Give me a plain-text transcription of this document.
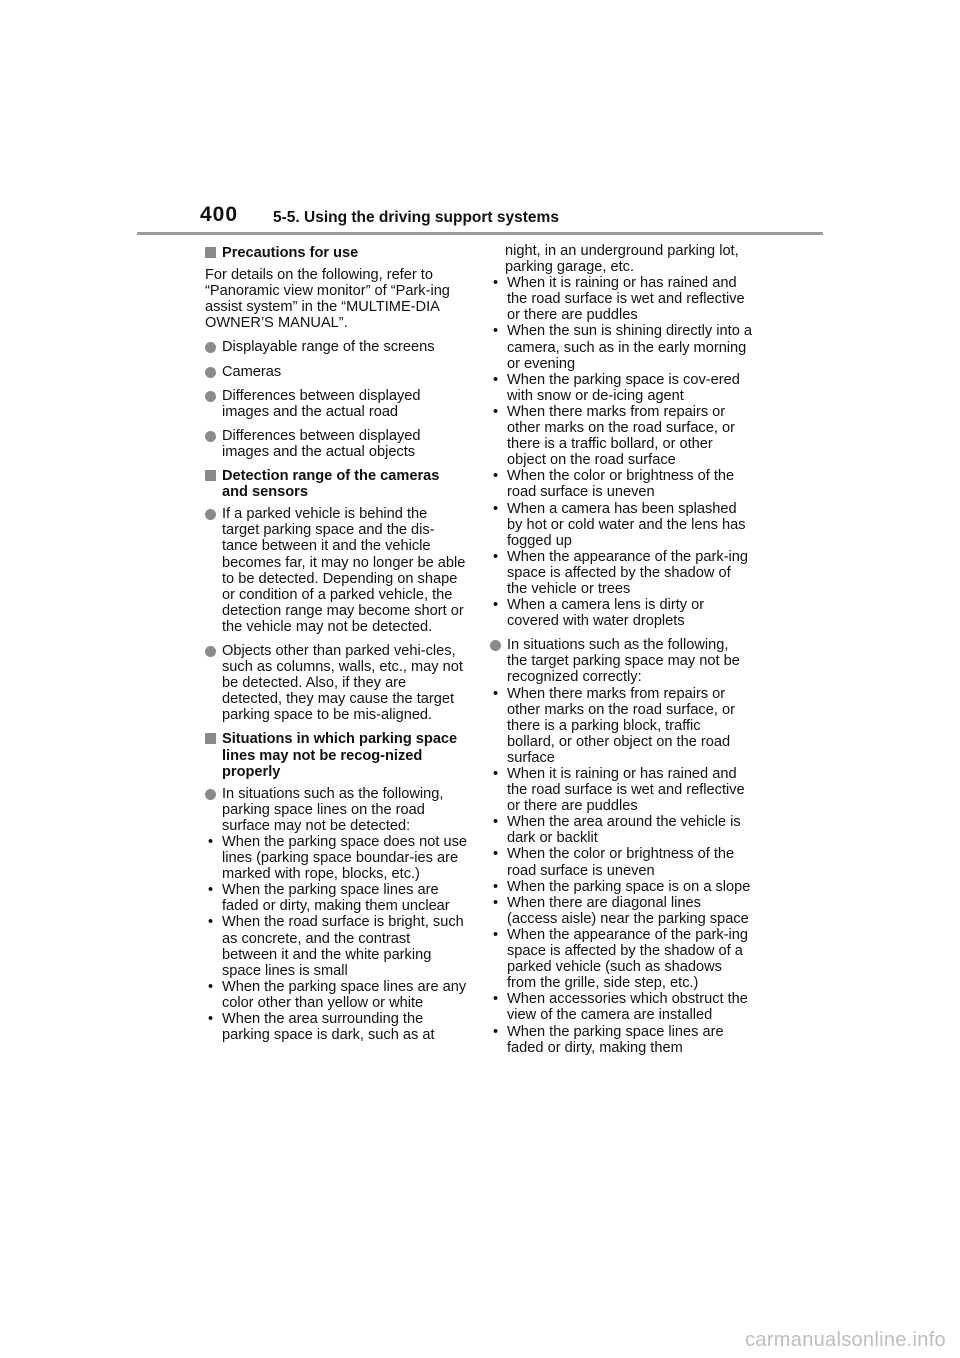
400 5-5. Using the driving support systems
Precautions for use

For details on the following, refer to “Panoramic view monitor” of “Park-ing assist system” in the “MULTIME-DIA OWNER’S MANUAL”.

Displayable range of the screens
Cameras
Differences between displayed images and the actual road
Differences between displayed images and the actual objects
Detection range of the cameras and sensors
If a parked vehicle is behind the target parking space and the dis-tance between it and the vehicle becomes far, it may no longer be able to be detected. Depending on shape or condition of a parked vehicle, the detection range may become short or the vehicle may not be detected.
Objects other than parked vehi-cles, such as columns, walls, etc., may not be detected. Also, if they are detected, they may cause the target parking space to be mis-aligned.
Situations in which parking space lines may not be recog-nized properly
In situations such as the following, parking space lines on the road surface may not be detected:
• When the parking space does not use lines (parking space boundar-ies are marked with rope, blocks, etc.)
• When the parking space lines are faded or dirty, making them unclear
• When the road surface is bright, such as concrete, and the contrast between it and the white parking space lines is small
• When the parking space lines are any color other than yellow or white
• When the area surrounding the parking space is dark, such as at

night, in an underground parking lot, parking garage, etc.

• When it is raining or has rained and the road surface is wet and reflective or there are puddles
• When the sun is shining directly into a camera, such as in the early morning or evening
• When the parking space is cov-ered with snow or de-icing agent
• When there marks from repairs or other marks on the road surface, or there is a traffic bollard, or other object on the road surface
• When the color or brightness of the road surface is uneven
• When a camera has been splashed by hot or cold water and the lens has fogged up
• When the appearance of the park-ing space is affected by the shadow of the vehicle or trees
• When a camera lens is dirty or covered with water droplets
In situations such as the following, the target parking space may not be recognized correctly:
• When there marks from repairs or other marks on the road surface, or there is a parking block, traffic bollard, or other object on the road surface
• When it is raining or has rained and the road surface is wet and reflective or there are puddles
• When the area around the vehicle is dark or backlit
• When the color or brightness of the road surface is uneven
• When the parking space is on a slope
• When there are diagonal lines (access aisle) near the parking space
• When the appearance of the park-ing space is affected by the shadow of a parked vehicle (such as shadows from the grille, side step, etc.)
• When accessories which obstruct the view of the camera are installed
• When the parking space lines are faded or dirty, making them
carmanualsonline.info
